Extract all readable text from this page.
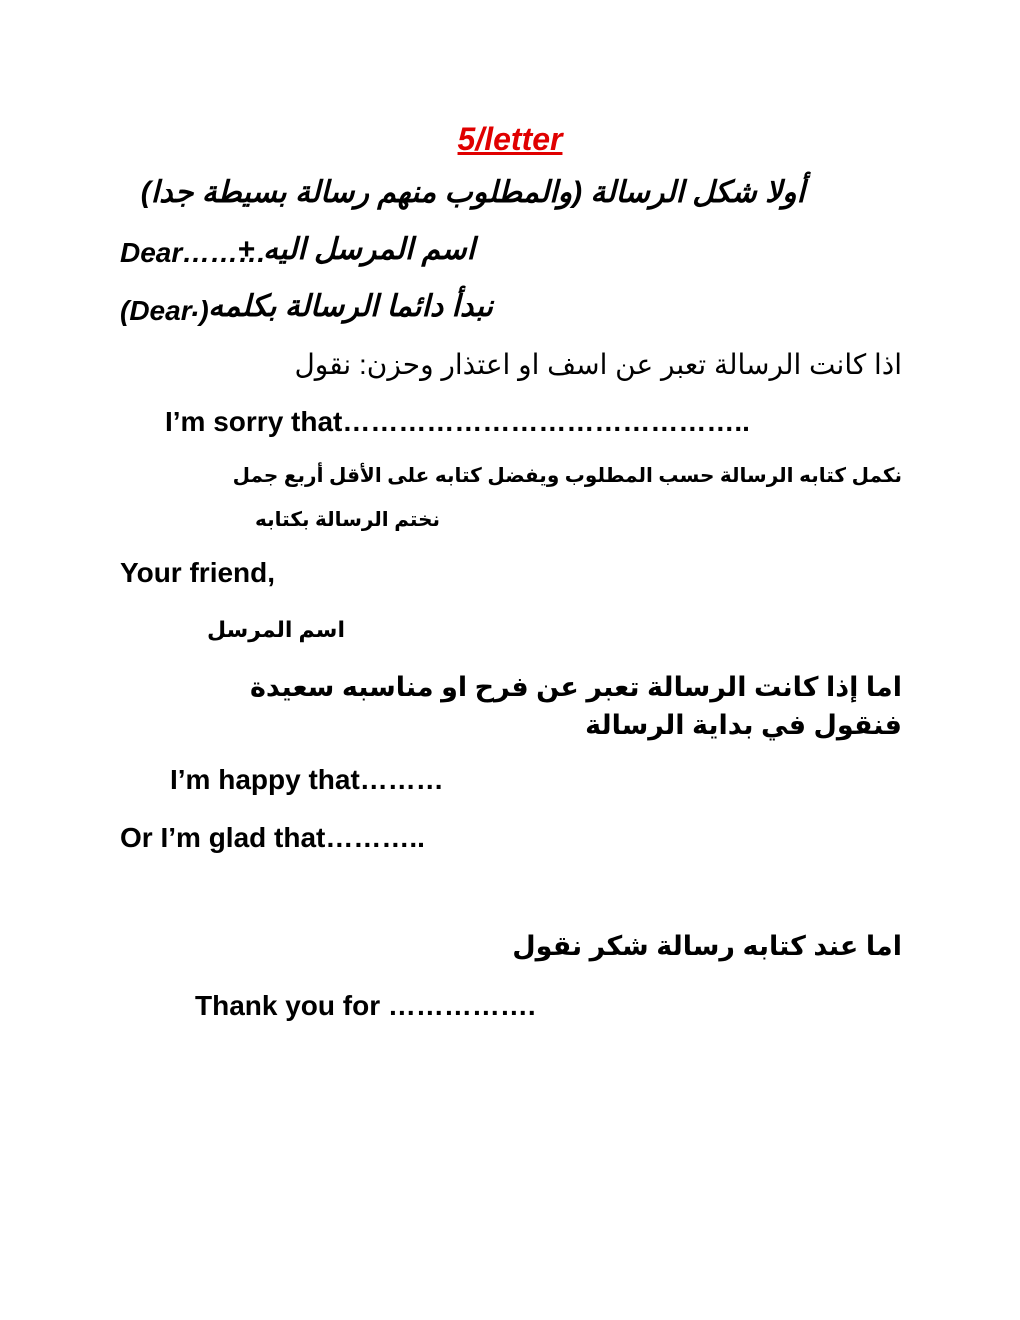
5/letter
أولا شكل الرسالة (والمطلوب منهم رسالة بسيطة جدا)
Dear………
اسم المرسل اليه +
(Dear )
نبدأ دائما الرسالة بكلمه .
اذا كانت الرسالة تعبر عن اسف او اعتذار وحزن: نقول
I’m sorry that……………………………………..
نكمل كتابه الرسالة حسب المطلوب ويفضل كتابه على الأقل أربع جمل
نختم الرسالة بكتابه
Your friend,
اسم المرسل
اما إذا كانت الرسالة تعبر عن فرح او مناسبه سعيدة فنقول في بداية الرسالة
I’m happy that………
Or I’m glad that………..
اما عند كتابه رسالة شكر نقول
Thank you for …………….
